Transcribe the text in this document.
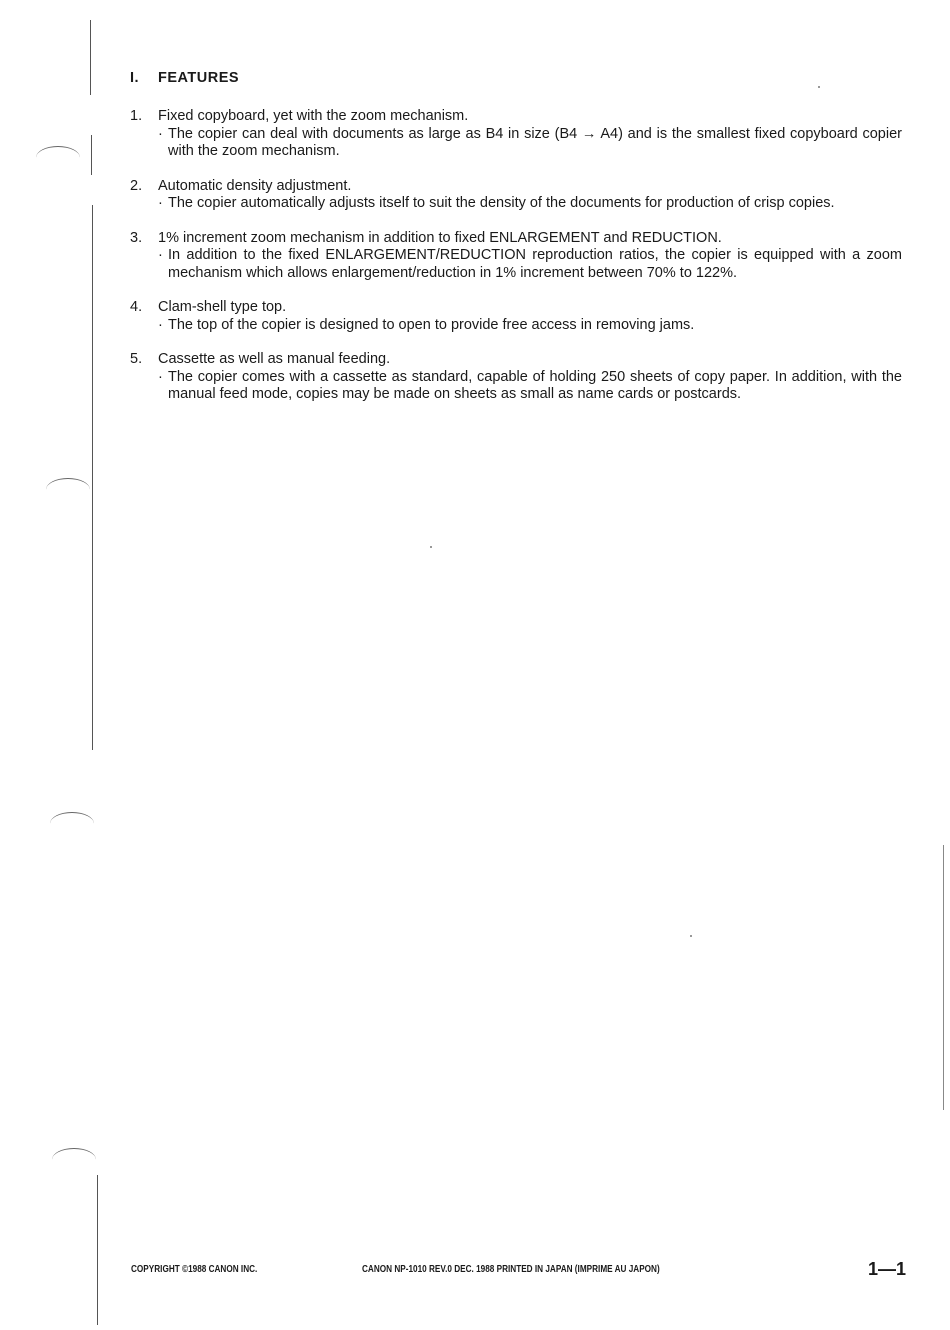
I. FEATURES
1.	Fixed copyboard, yet with the zoom mechanism.
· The copier can deal with documents as large as B4 in size (B4 → A4) and is the smallest fixed copyboard copier with the zoom mechanism.
2.	Automatic density adjustment.
· The copier automatically adjusts itself to suit the density of the documents for production of crisp copies.
3.	1% increment zoom mechanism in addition to fixed ENLARGEMENT and REDUCTION.
· In addition to the fixed ENLARGEMENT/REDUCTION reproduction ratios, the copier is equipped with a zoom mechanism which allows enlargement/reduction in 1% increment between 70% to 122%.
4.	Clam-shell type top.
· The top of the copier is designed to open to provide free access in removing jams.
5.	Cassette as well as manual feeding.
· The copier comes with a cassette as standard, capable of holding 250 sheets of copy paper. In addition, with the manual feed mode, copies may be made on sheets as small as name cards or postcards.
COPYRIGHT ©1988 CANON INC.	CANON NP-1010 REV.0 DEC. 1988 PRINTED IN JAPAN (IMPRIME AU JAPON)	1—1
